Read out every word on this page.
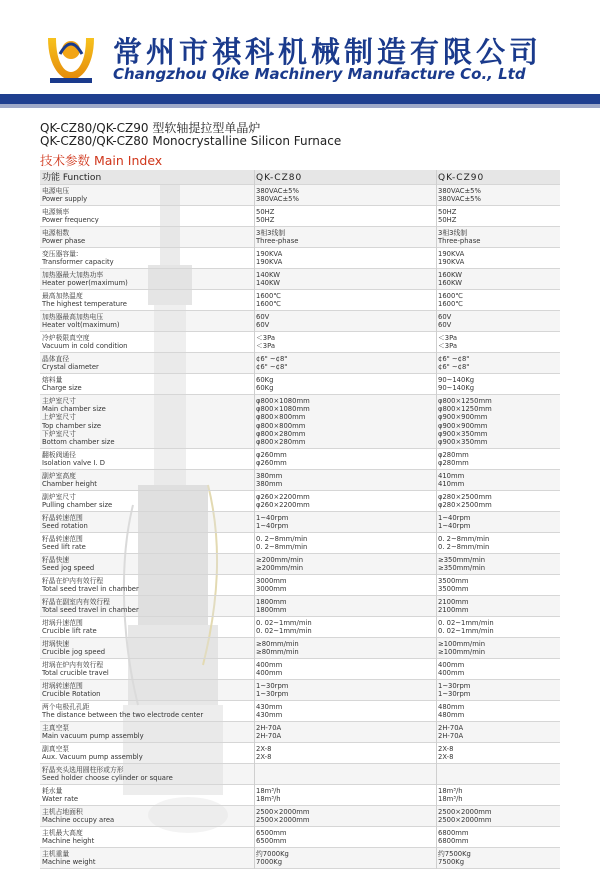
常州市祺科机械制造有限公司
Changzhou Qike Machinery Manufacture Co., Ltd
QK-CZ80/QK-CZ90 型软轴提拉型单晶炉
QK-CZ80/QK-CZ80 Monocrystalline Silicon Furnace
技术参数 Main Index
功能 Function	QK-CZ80	QK-CZ90
电源电压
Power supply
380VAC±5%
380VAC±5%
380VAC±5%
380VAC±5%
电源频率
Power frequency
50HZ
50HZ
50HZ
50HZ
电源相数
Power phase
3相3线制
Three-phase
3相3线制
Three-phase
变压器容量:
Transformer capacity
190KVA
190KVA
190KVA
190KVA
加热器最大加热功率
Heater power(maximum)
140KW
140KW
160KW
160KW
最高加热温度
The highest temperature
1600℃
1600℃
1600℃
1600℃
加热器最高加热电压
Heater volt(maximum)
60V
60V
60V
60V
冷炉极限真空度
Vacuum in cold condition
＜3Pa
＜3Pa
＜3Pa
＜3Pa
晶体直径
Crystal diameter
¢6" ~¢8"
¢6" ~¢8"
¢6" ~¢8"
¢6" ~¢8"
熔料量
Charge size
60Kg
60Kg
90~140Kg
90~140Kg
主炉室尺寸
Main chamber size
上炉室尺寸
Top chamber size
下炉室尺寸
Bottom chamber size
φ800×1080mm
φ800×1080mm
φ800×800mm
φ800×800mm
φ800×280mm
φ800×280mm
φ800×1250mm
φ800×1250mm
φ900×900mm
φ900×900mm
φ900×350mm
φ900×350mm
翻板阀通径
Isolation valve I. D
φ260mm
φ260mm
φ280mm
φ280mm
副炉室高度
Chamber height
380mm
380mm
410mm
410mm
副炉室尺寸
Pulling chamber size
φ260×2200mm
φ260×2200mm
φ280×2500mm
φ280×2500mm
籽晶转速范围
Seed rotation
1~40rpm
1~40rpm
1~40rpm
1~40rpm
籽晶转速范围
Seed lift rate
0. 2~8mm/min
0. 2~8mm/min
0. 2~8mm/min
0. 2~8mm/min
籽晶快速
Seed jog speed
≥200mm/min
≥200mm/min
≥350mm/min
≥350mm/min
籽晶在炉内有效行程
Total seed travel in chamber
3000mm
3000mm
3500mm
3500mm
籽晶在副室内有效行程
Total seed travel in chamber
1800mm
1800mm
2100mm
2100mm
坩埚升速范围
Crucible lift rate
0. 02~1mm/min
0. 02~1mm/min
0. 02~1mm/min
0. 02~1mm/min
坩埚快速
Crucible jog speed
≥80mm/min
≥80mm/min
≥100mm/min
≥100mm/min
坩埚在炉内有效行程
Total crucible travel
400mm
400mm
400mm
400mm
坩埚转速范围
Crucible Rotation
1~30rpm
1~30rpm
1~30rpm
1~30rpm
两个电极孔孔距
The distance between the two electrode center
430mm
430mm
480mm
480mm
主真空泵
Main vacuum pump assembly
2H-70A
2H-70A
2H-70A
2H-70A
副真空泵
Aux. Vacuum pump assembly
2X-8
2X-8
2X-8
2X-8
籽晶夹头选用圆柱形或方形
Seed holder choose cylinder or square
耗水量
Water rate
18m³/h
18m³/h
18m³/h
18m³/h
主机占地面积
Machine occupy area
2500×2000mm
2500×2000mm
2500×2000mm
2500×2000mm
主机最大高度
Machine height
6500mm
6500mm
6800mm
6800mm
主机重量
Machine weight
约7000Kg
7000Kg
约7500Kg
7500Kg
